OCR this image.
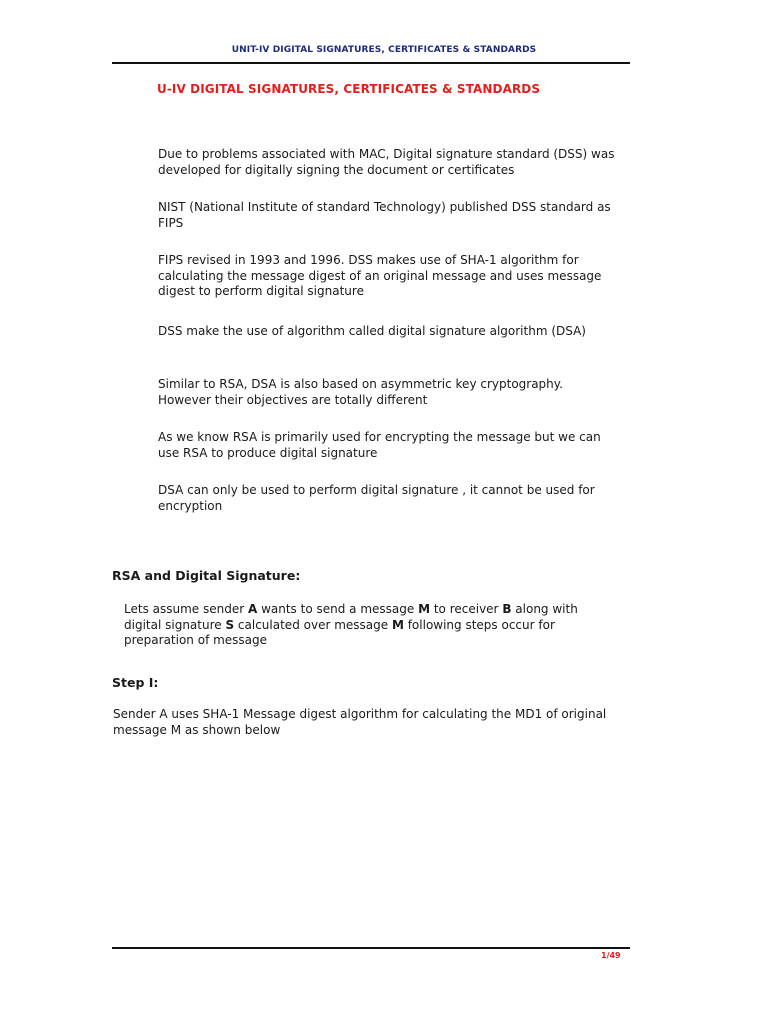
UNIT-IV DIGITAL SIGNATURES, CERTIFICATES & STANDARDS
U-IV DIGITAL SIGNATURES, CERTIFICATES & STANDARDS

Due to problems associated with MAC, Digital signature standard (DSS) was developed for digitally signing the document or certificates

NIST (National Institute of standard Technology) published DSS standard as FIPS

FIPS revised in 1993 and 1996. DSS makes use of SHA-1 algorithm for calculating the message digest of an original message and uses message digest to perform digital signature

DSS make the use of algorithm called digital signature algorithm (DSA)

Similar to RSA, DSA is also based on asymmetric key cryptography. However their objectives are totally different

As we know RSA is primarily used for encrypting the message but we can use RSA to produce digital signature

DSA can only be used to perform digital signature , it cannot be used for encryption

RSA and Digital Signature:

Lets assume sender A wants to send a message M to receiver B along with digital signature S calculated over message M following steps occur for preparation of message

Step I:

Sender A uses SHA-1 Message digest algorithm for calculating the MD1 of original message M as shown below

1/49
